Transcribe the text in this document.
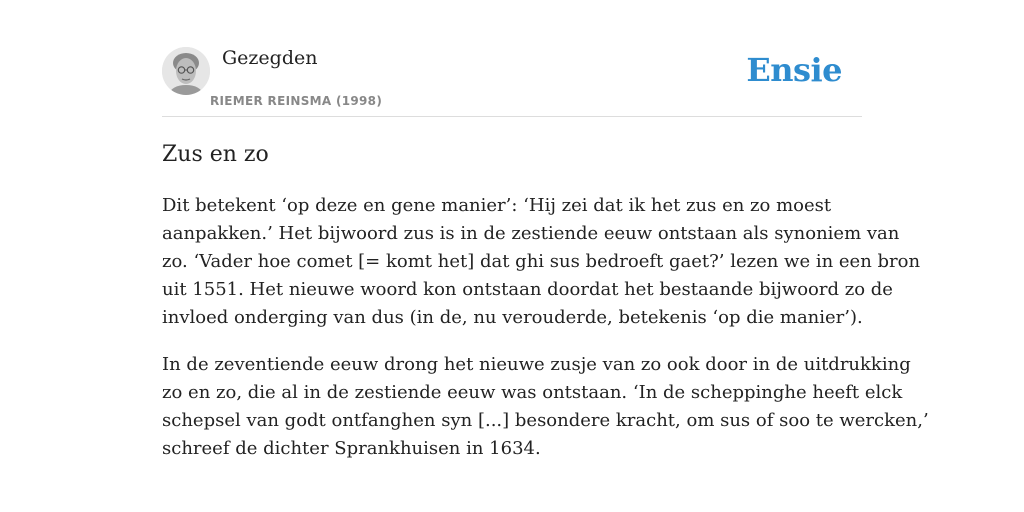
Gezegden
RIEMER REINSMA (1998)
Ensie
Zus en zo

Dit betekent ‘op deze en gene manier’: ‘Hij zei dat ik het zus en zo moest
aanpakken.’ Het bijwoord zus is in de zestiende eeuw ontstaan als synoniem van
zo. ‘Vader hoe comet [= komt het] dat ghi sus bedroeft gaet?’ lezen we in een bron
uit 1551. Het nieuwe woord kon ontstaan doordat het bestaande bijwoord zo de
invloed onderging van dus (in de, nu verouderde, betekenis ‘op die manier’).

In de zeventiende eeuw drong het nieuwe zusje van zo ook door in de uitdrukking
zo en zo, die al in de zestiende eeuw was ontstaan. ‘In de scheppinghe heeft elck
schepsel van godt ontfanghen syn [...] besondere kracht, om sus of soo te wercken,’
schreef de dichter Sprankhuisen in 1634.
